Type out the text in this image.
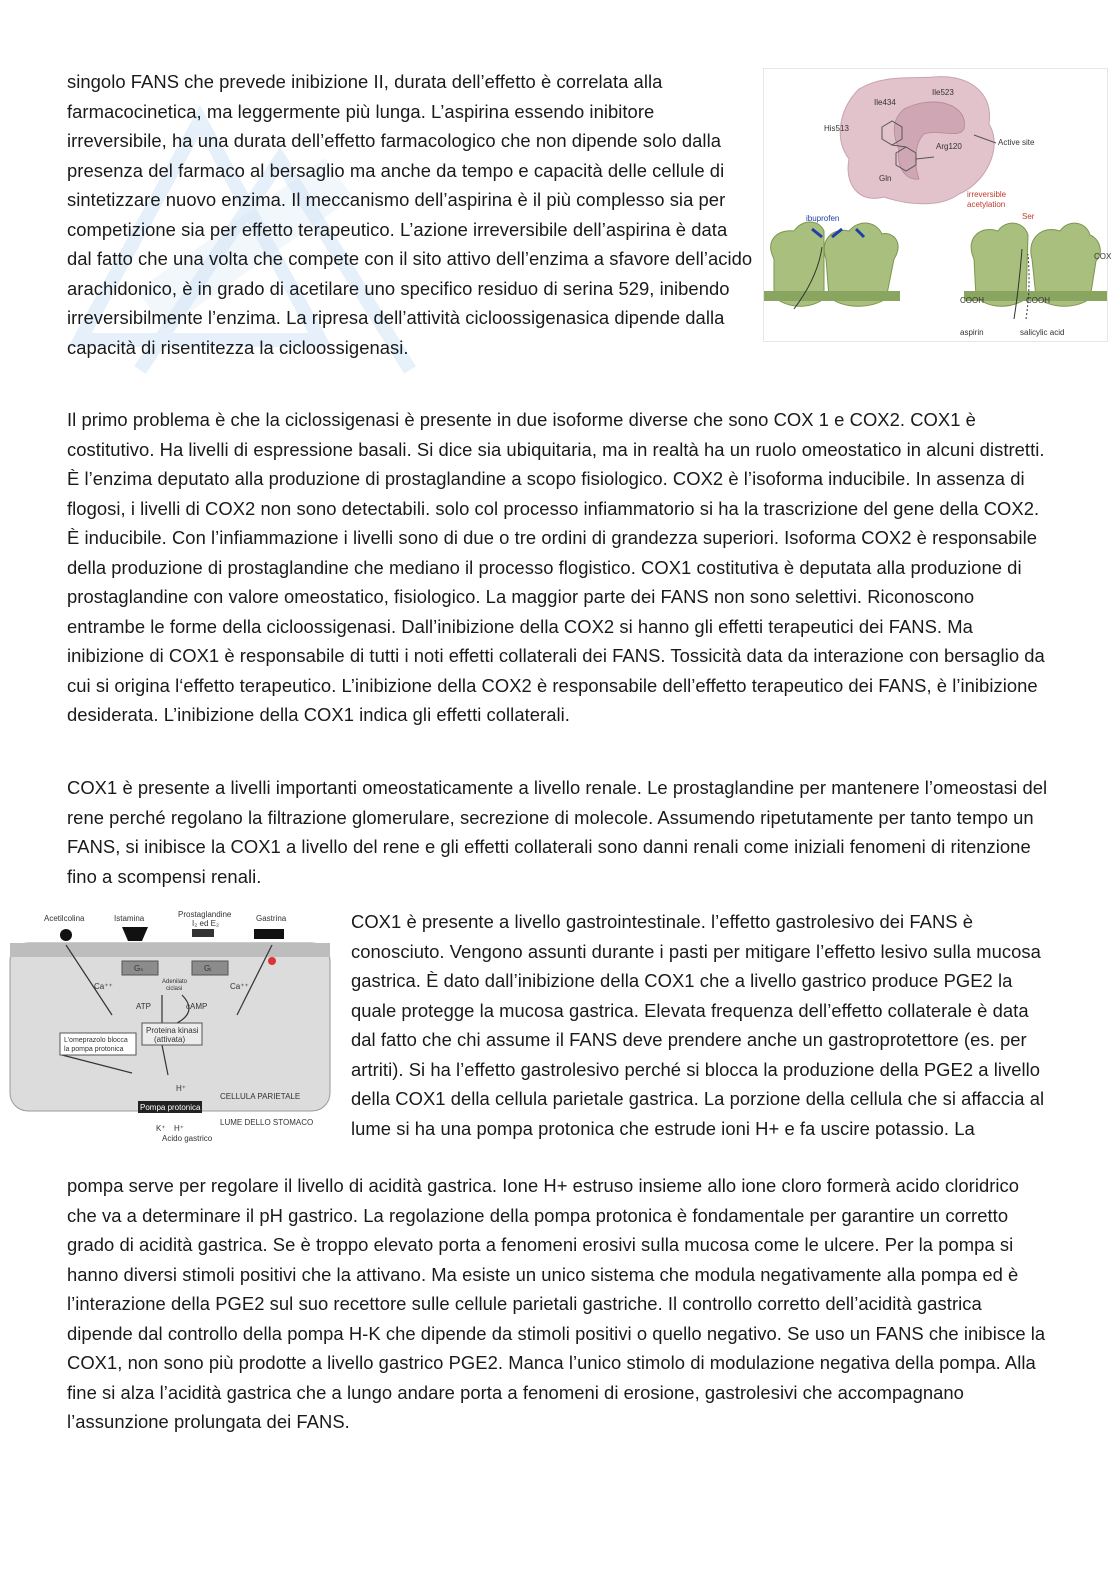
singolo FANS che prevede inibizione II, durata dell’effetto è correlata alla farmacocinetica, ma leggermente più lunga. L’aspirina essendo inibitore irreversibile, ha una durata dell’effetto farmacologico che non dipende solo dalla presenza del farmaco al bersaglio ma anche da tempo e capacità delle cellule di sintetizzare nuovo enzima. Il meccanismo dell’aspirina è il più complesso sia per competizione sia per effetto terapeutico. L’azione irreversibile dell’aspirina è data dal fatto che una volta che compete con il sito attivo dell’enzima a sfavore dell’acido arachidonico, è in grado di acetilare uno specifico residuo di serina 529, inibendo irreversibilmente l’enzima. La ripresa dell’attività cicloossigenasica dipende dalla capacità di risentitezza la cicloossigenasi.

Ile434
Ile523
His513
Arg120
Gln
Active site
ibuprofen
irreversible
acetylation
Ser
COX
COOH	COOH
aspirin	salicylic acid

Il primo problema è che la ciclossigenasi è presente in due isoforme diverse che sono COX 1 e COX2. COX1 è costitutivo. Ha livelli di espressione basali. Si dice sia ubiquitaria, ma in realtà ha un ruolo omeostatico in alcuni distretti. È l’enzima deputato alla produzione di prostaglandine a scopo fisiologico. COX2 è l’isoforma inducibile. In assenza di flogosi, i livelli di COX2 non sono detectabili. solo col processo infiammatorio si ha la trascrizione del gene della COX2. È inducibile. Con l’infiammazione i livelli sono di due o tre ordini di grandezza superiori. Isoforma COX2 è responsabile della produzione di prostaglandine che mediano il processo flogistico. COX1 costitutiva è deputata alla produzione di prostaglandine con valore omeostatico, fisiologico. La maggior parte dei FANS non sono selettivi. Riconoscono entrambe le forme della cicloossigenasi. Dall’inibizione della COX2 si hanno gli effetti terapeutici dei FANS. Ma inibizione di COX1 è responsabile di tutti i noti effetti collaterali dei FANS. Tossicità data da interazione con bersaglio da cui si origina l‘effetto terapeutico. L’inibizione della COX2 è responsabile dell’effetto terapeutico dei FANS, è l’inibizione desiderata. L’inibizione della COX1 indica gli effetti collaterali.

COX1 è presente a livelli importanti omeostaticamente a livello renale. Le prostaglandine per mantenere l’omeostasi del rene perché regolano la filtrazione glomerulare, secrezione di molecole. Assumendo ripetutamente per tanto tempo un FANS, si inibisce la COX1 a livello del rene e gli effetti collaterali sono danni renali come iniziali fenomeni di ritenzione fino a scompensi renali.

Acetilcolina	Istamina	Prostaglandine
I₂ ed E₂
Gastrina
Gₛ	Gᵢ
Adenilato
ciclasi
Ca⁺⁺	Ca⁺⁺
ATP	cAMP
Proteina kinasi
(attivata)
L’omeprazolo blocca
la pompa protonica
H⁺
Pompa protonica
CELLULA PARIETALE
LUME DELLO STOMACO
K⁺ H⁺
Acido gastrico

COX1 è presente a livello gastrointestinale. l’effetto gastrolesivo dei FANS è conosciuto. Vengono assunti durante i pasti per mitigare l’effetto lesivo sulla mucosa gastrica. È dato dall’inibizione della COX1 che a livello gastrico produce PGE2 la quale protegge la mucosa gastrica. Elevata frequenza dell’effetto collaterale è data dal fatto che chi assume il FANS deve prendere anche un gastroprotettore (es. per artriti). Si ha l’effetto gastrolesivo perché si blocca la produzione della PGE2 a livello della COX1 della cellula parietale gastrica. La porzione della cellula che si affaccia al lume si ha una pompa protonica che estrude ioni H+ e fa uscire potassio. La

pompa serve per regolare il livello di acidità gastrica. Ione H+ estruso insieme allo ione cloro formerà acido cloridrico che va a determinare il pH gastrico. La regolazione della pompa protonica è fondamentale per garantire un corretto grado di acidità gastrica. Se è troppo elevato porta a fenomeni erosivi sulla mucosa come le ulcere. Per la pompa si hanno diversi stimoli positivi che la attivano. Ma esiste un unico sistema che modula negativamente alla pompa ed è l’interazione della PGE2 sul suo recettore sulle cellule parietali gastriche. Il controllo corretto dell’acidità gastrica dipende dal controllo della pompa H-K che dipende da stimoli positivi o quello negativo. Se uso un FANS che inibisce la COX1, non sono più prodotte a livello gastrico PGE2. Manca l’unico stimolo di modulazione negativa della pompa. Alla fine si alza l’acidità gastrica che a lungo andare porta a fenomeni di erosione, gastrolesivi che accompagnano l’assunzione prolungata dei FANS.
